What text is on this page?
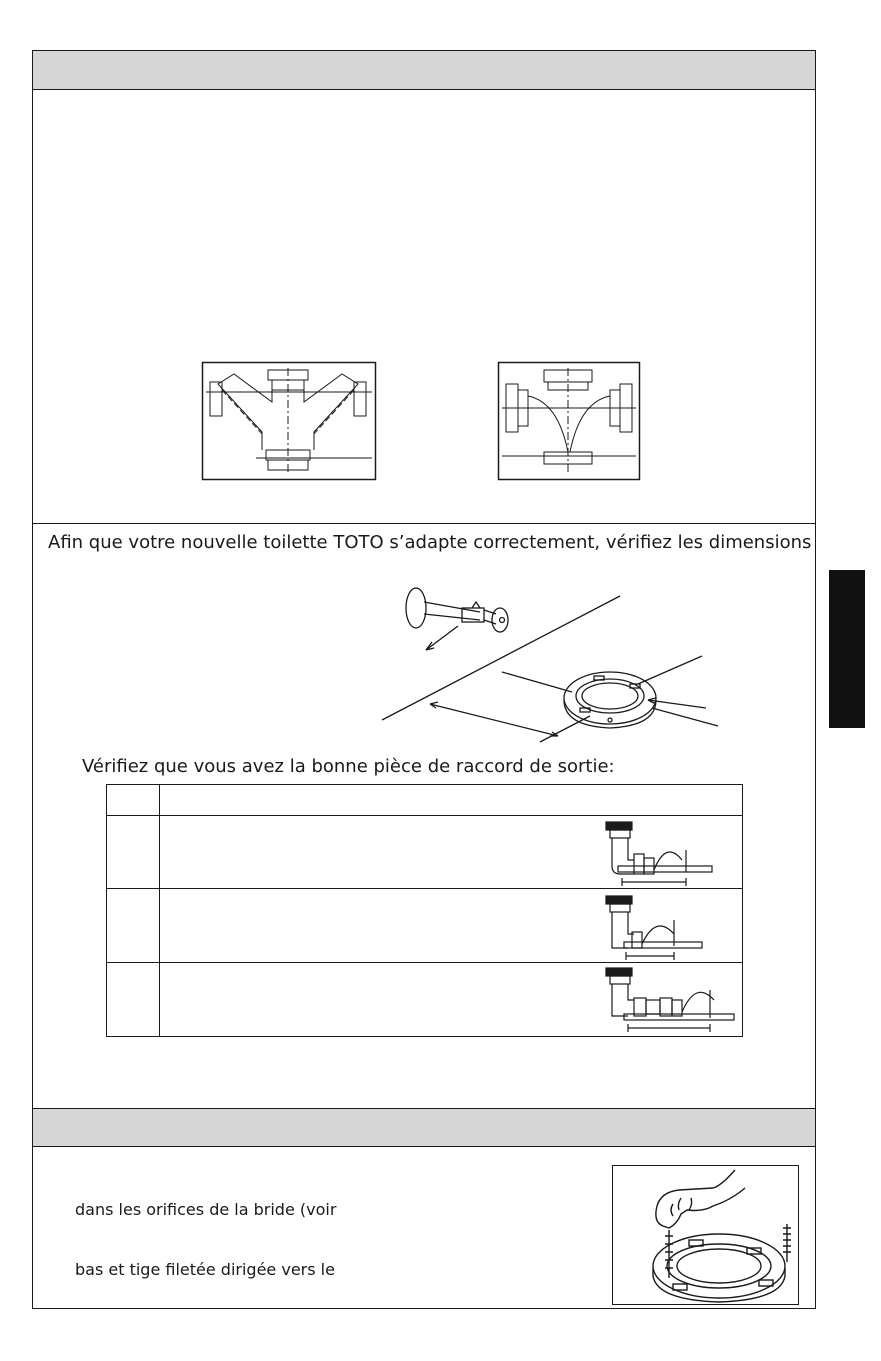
Afin que votre nouvelle toilette TOTO s’adapte correctement, vérifiez les dimensions
Vérifiez que vous avez la bonne pièce de raccord de sortie:
dans les orifices de la bride (voir
bas et tige filetée dirigée vers le
